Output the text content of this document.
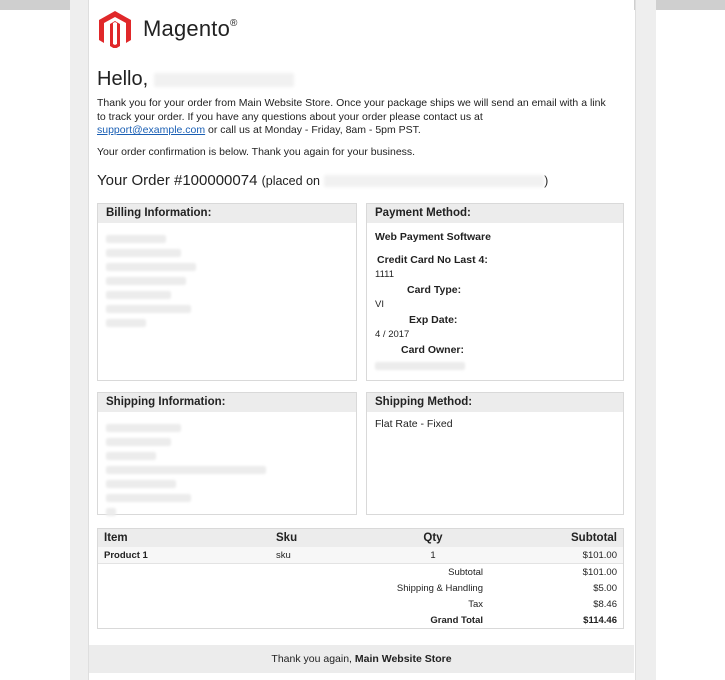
Magento®
Hello,
Thank you for your order from Main Website Store. Once your package ships we will send an email with a link to track your order. If you have any questions about your order please contact us at
support@example.com or call us at Monday - Friday, 8am - 5pm PST.
Your order confirmation is below. Thank you again for your business.
Your Order #100000074 (placed on	)
Billing Information:	Payment Method:
Web Payment Software
Credit Card No Last 4:
1111
Card Type:
VI
Exp Date:
4 / 2017
Card Owner:
Shipping Information:	Shipping Method:
Flat Rate - Fixed
Item	Sku	Qty	Subtotal
Product 1	sku	1	$101.00
	Subtotal		$101.00
	Shipping & Handling		$5.00
	Tax		$8.46
	Grand Total		$114.46
Thank you again, Main Website Store
